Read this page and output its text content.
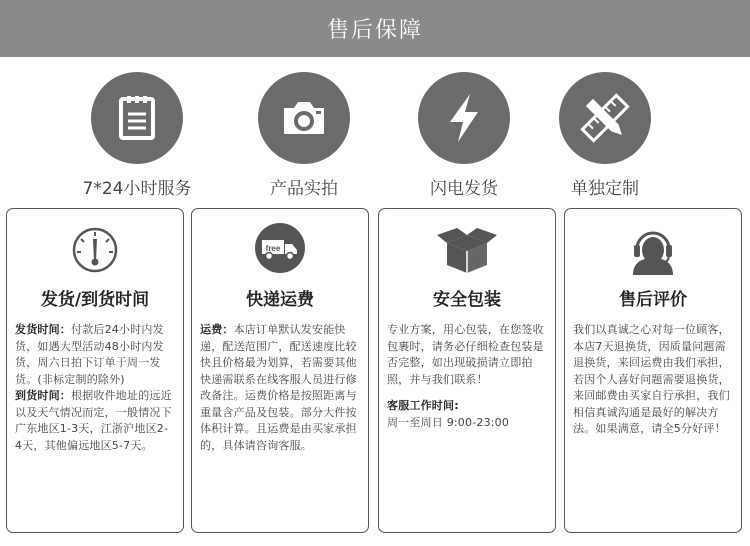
售后保障
7*24小时服务	产品实拍	闪电发货	单独定制
发货/到货时间
发货时间：付款后24小时内发货，如遇大型活动48小时内发货，周六日拍下订单于周一发货。(非标定制的除外)
到货时间：根据收件地址的远近以及天气情况而定，一般情况下广东地区1-3天，江浙沪地区2-4天，其他偏远地区5-7天。
free
快递运费
运费：本店订单默认发安能快递，配送范围广，配送速度比较快且价格最为划算，若需要其他快递需联系在线客服人员进行修改备注。运费价格是按照距离与重量含产品及包装。部分大件按体积计算。且运费是由买家承担的，具体请咨询客服。
安全包装
专业方案，用心包装，在您签收包裹时，请务必仔细检查包装是否完整，如出现破损请立即拍照，并与我们联系！
客服工作时间:
周一至周日 9:00-23:00
售后评价
我们以真诚之心对每一位顾客，本店7天退换货，因质量问题需退换货，来回运费由我们承担，若因个人喜好问题需要退换货，来回邮费由买家自行承担，我们相信真诚沟通是最好的解决方法。如果满意，请全5分好评！
